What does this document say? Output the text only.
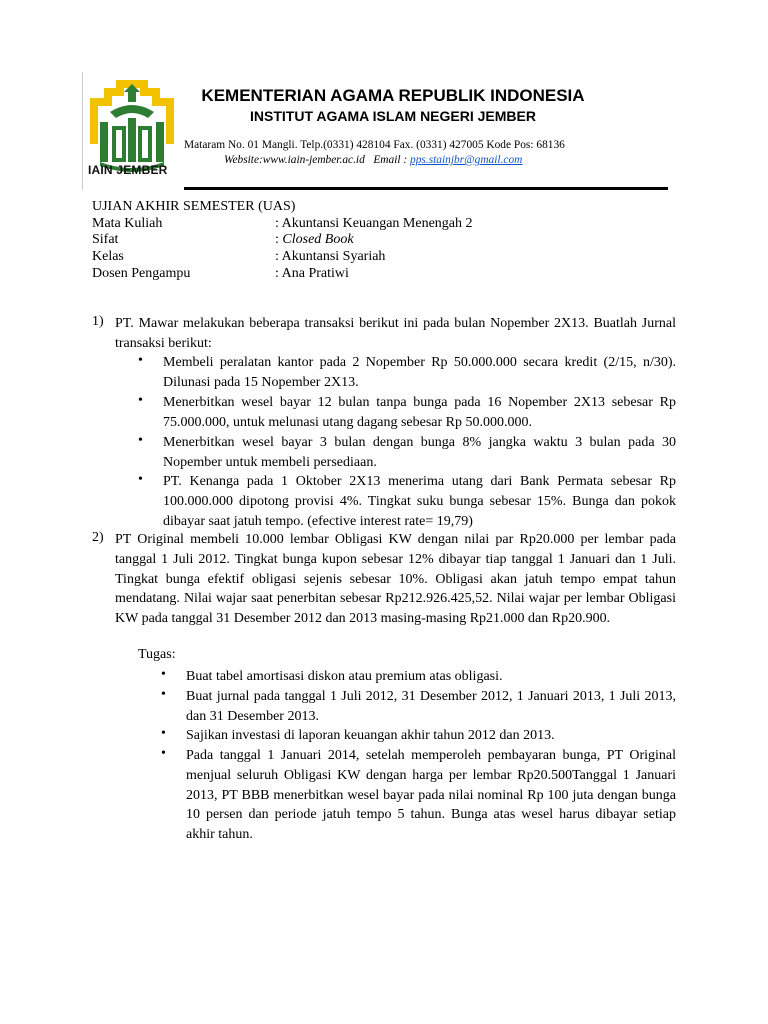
IAIN JEMBER
KEMENTERIAN AGAMA REPUBLIK INDONESIA
INSTITUT AGAMA ISLAM NEGERI JEMBER
Mataram No. 01 Mangli. Telp.(0331) 428104 Fax. (0331) 427005 Kode Pos: 68136
Website:www.iain-jember.ac.id   Email : pps.stainjbr@gmail.com
UJIAN AKHIR SEMESTER (UAS)
Mata Kuliah	: Akuntansi Keuangan Menengah 2
Sifat	: Closed Book
Kelas	: Akuntansi Syariah
Dosen Pengampu	: Ana Pratiwi
1) PT. Mawar melakukan beberapa transaksi berikut ini pada bulan Nopember 2X13. Buatlah Jurnal transaksi berikut:
• Membeli peralatan kantor pada 2 Nopember Rp 50.000.000 secara kredit (2/15, n/30). Dilunasi pada 15 Nopember 2X13.
• Menerbitkan wesel bayar 12 bulan tanpa bunga pada 16 Nopember 2X13 sebesar Rp 75.000.000, untuk melunasi utang dagang sebesar Rp 50.000.000.
• Menerbitkan wesel bayar 3 bulan dengan bunga 8% jangka waktu 3 bulan pada 30 Nopember untuk membeli persediaan.
• PT. Kenanga pada 1 Oktober 2X13 menerima utang dari Bank Permata sebesar Rp 100.000.000 dipotong provisi 4%. Tingkat suku bunga sebesar 15%. Bunga dan pokok dibayar saat jatuh tempo. (efective interest rate= 19,79)
2) PT Original membeli 10.000 lembar Obligasi KW dengan nilai par Rp20.000 per lembar pada tanggal 1 Juli 2012. Tingkat bunga kupon sebesar 12% dibayar tiap tanggal 1 Januari dan 1 Juli. Tingkat bunga efektif obligasi sejenis sebesar 10%. Obligasi akan jatuh tempo empat tahun mendatang. Nilai wajar saat penerbitan sebesar Rp212.926.425,52. Nilai wajar per lembar Obligasi KW pada tanggal 31 Desember 2012 dan 2013 masing-masing Rp21.000 dan Rp20.900.
Tugas:
• Buat tabel amortisasi diskon atau premium atas obligasi.
• Buat jurnal pada tanggal 1 Juli 2012, 31 Desember 2012, 1 Januari 2013, 1 Juli 2013, dan 31 Desember 2013.
• Sajikan investasi di laporan keuangan akhir tahun 2012 dan 2013.
• Pada tanggal 1 Januari 2014, setelah memperoleh pembayaran bunga, PT Original menjual seluruh Obligasi KW dengan harga per lembar Rp20.500Tanggal 1 Januari 2013, PT BBB menerbitkan wesel bayar pada nilai nominal Rp 100 juta dengan bunga 10 persen dan periode jatuh tempo 5 tahun. Bunga atas wesel harus dibayar setiap akhir tahun.
